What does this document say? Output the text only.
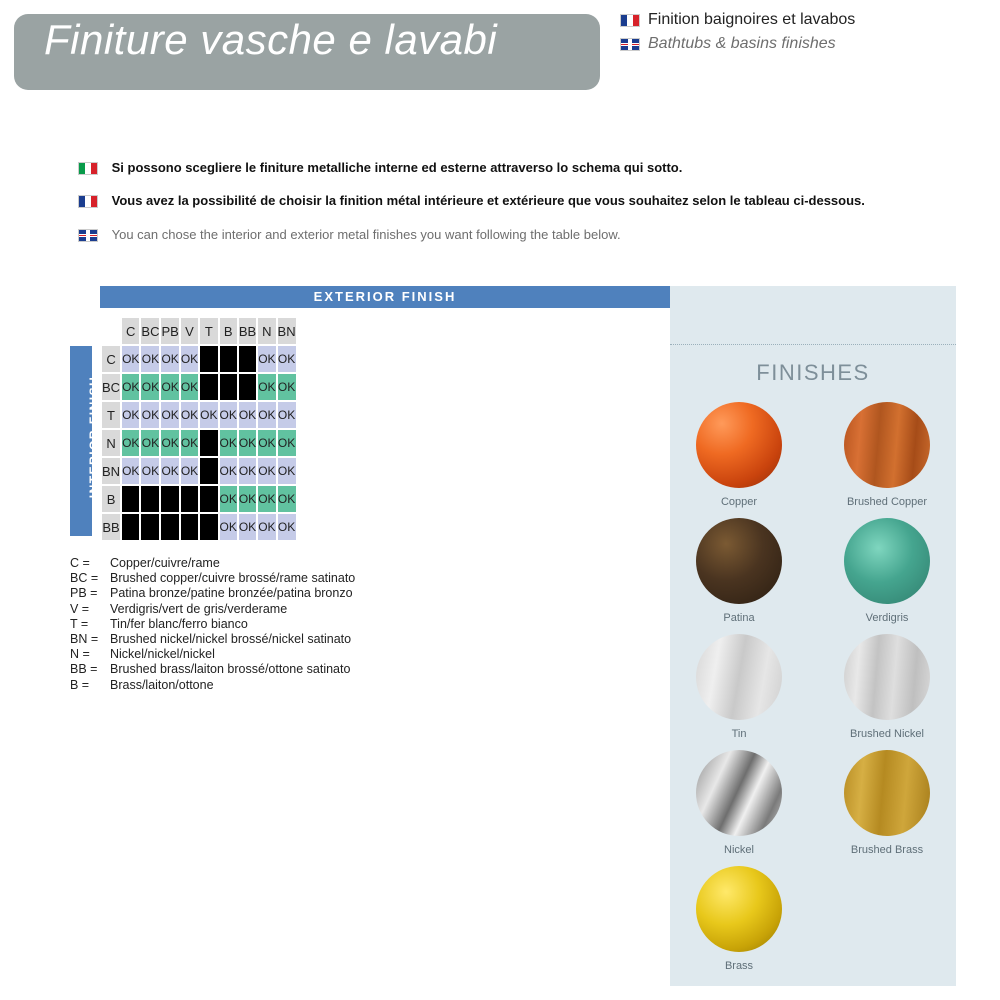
Finiture vasche e lavabi	Finition baignoires et lavabos
Bathtubs & basins finishes
Si possono scegliere le finiture metalliche interne ed esterne attraverso lo schema qui sotto.
Vous avez la possibilité de choisir la finition métal intérieure et extérieure que vous souhaitez selon le tableau ci-dessous.
You can chose the interior and exterior metal finishes you want following the table below.
EXTERIOR FINISH
INTERIOR FINISH
	C	BC	PB	V	T	B	BB	N	BN
C	OK	OK	OK	OK				OK	OK
BC	OK	OK	OK	OK				OK	OK
T	OK	OK	OK	OK	OK	OK	OK	OK	OK
N	OK	OK	OK	OK		OK	OK	OK	OK
BN	OK	OK	OK	OK		OK	OK	OK	OK
B						OK	OK	OK	OK
BB						OK	OK	OK	OK
C = Copper/cuivre/rame
BC = Brushed copper/cuivre brossé/rame satinato
PB = Patina bronze/patine bronzée/patina bronzo
V = Verdigris/vert de gris/verderame
T = Tin/fer blanc/ferro bianco
BN = Brushed nickel/nickel brossé/nickel satinato
N = Nickel/nickel/nickel
BB = Brushed brass/laiton brossé/ottone satinato
B = Brass/laiton/ottone
FINISHES
Copper	Brushed Copper
Patina	Verdigris
Tin	Brushed Nickel
Nickel	Brushed Brass
Brass
